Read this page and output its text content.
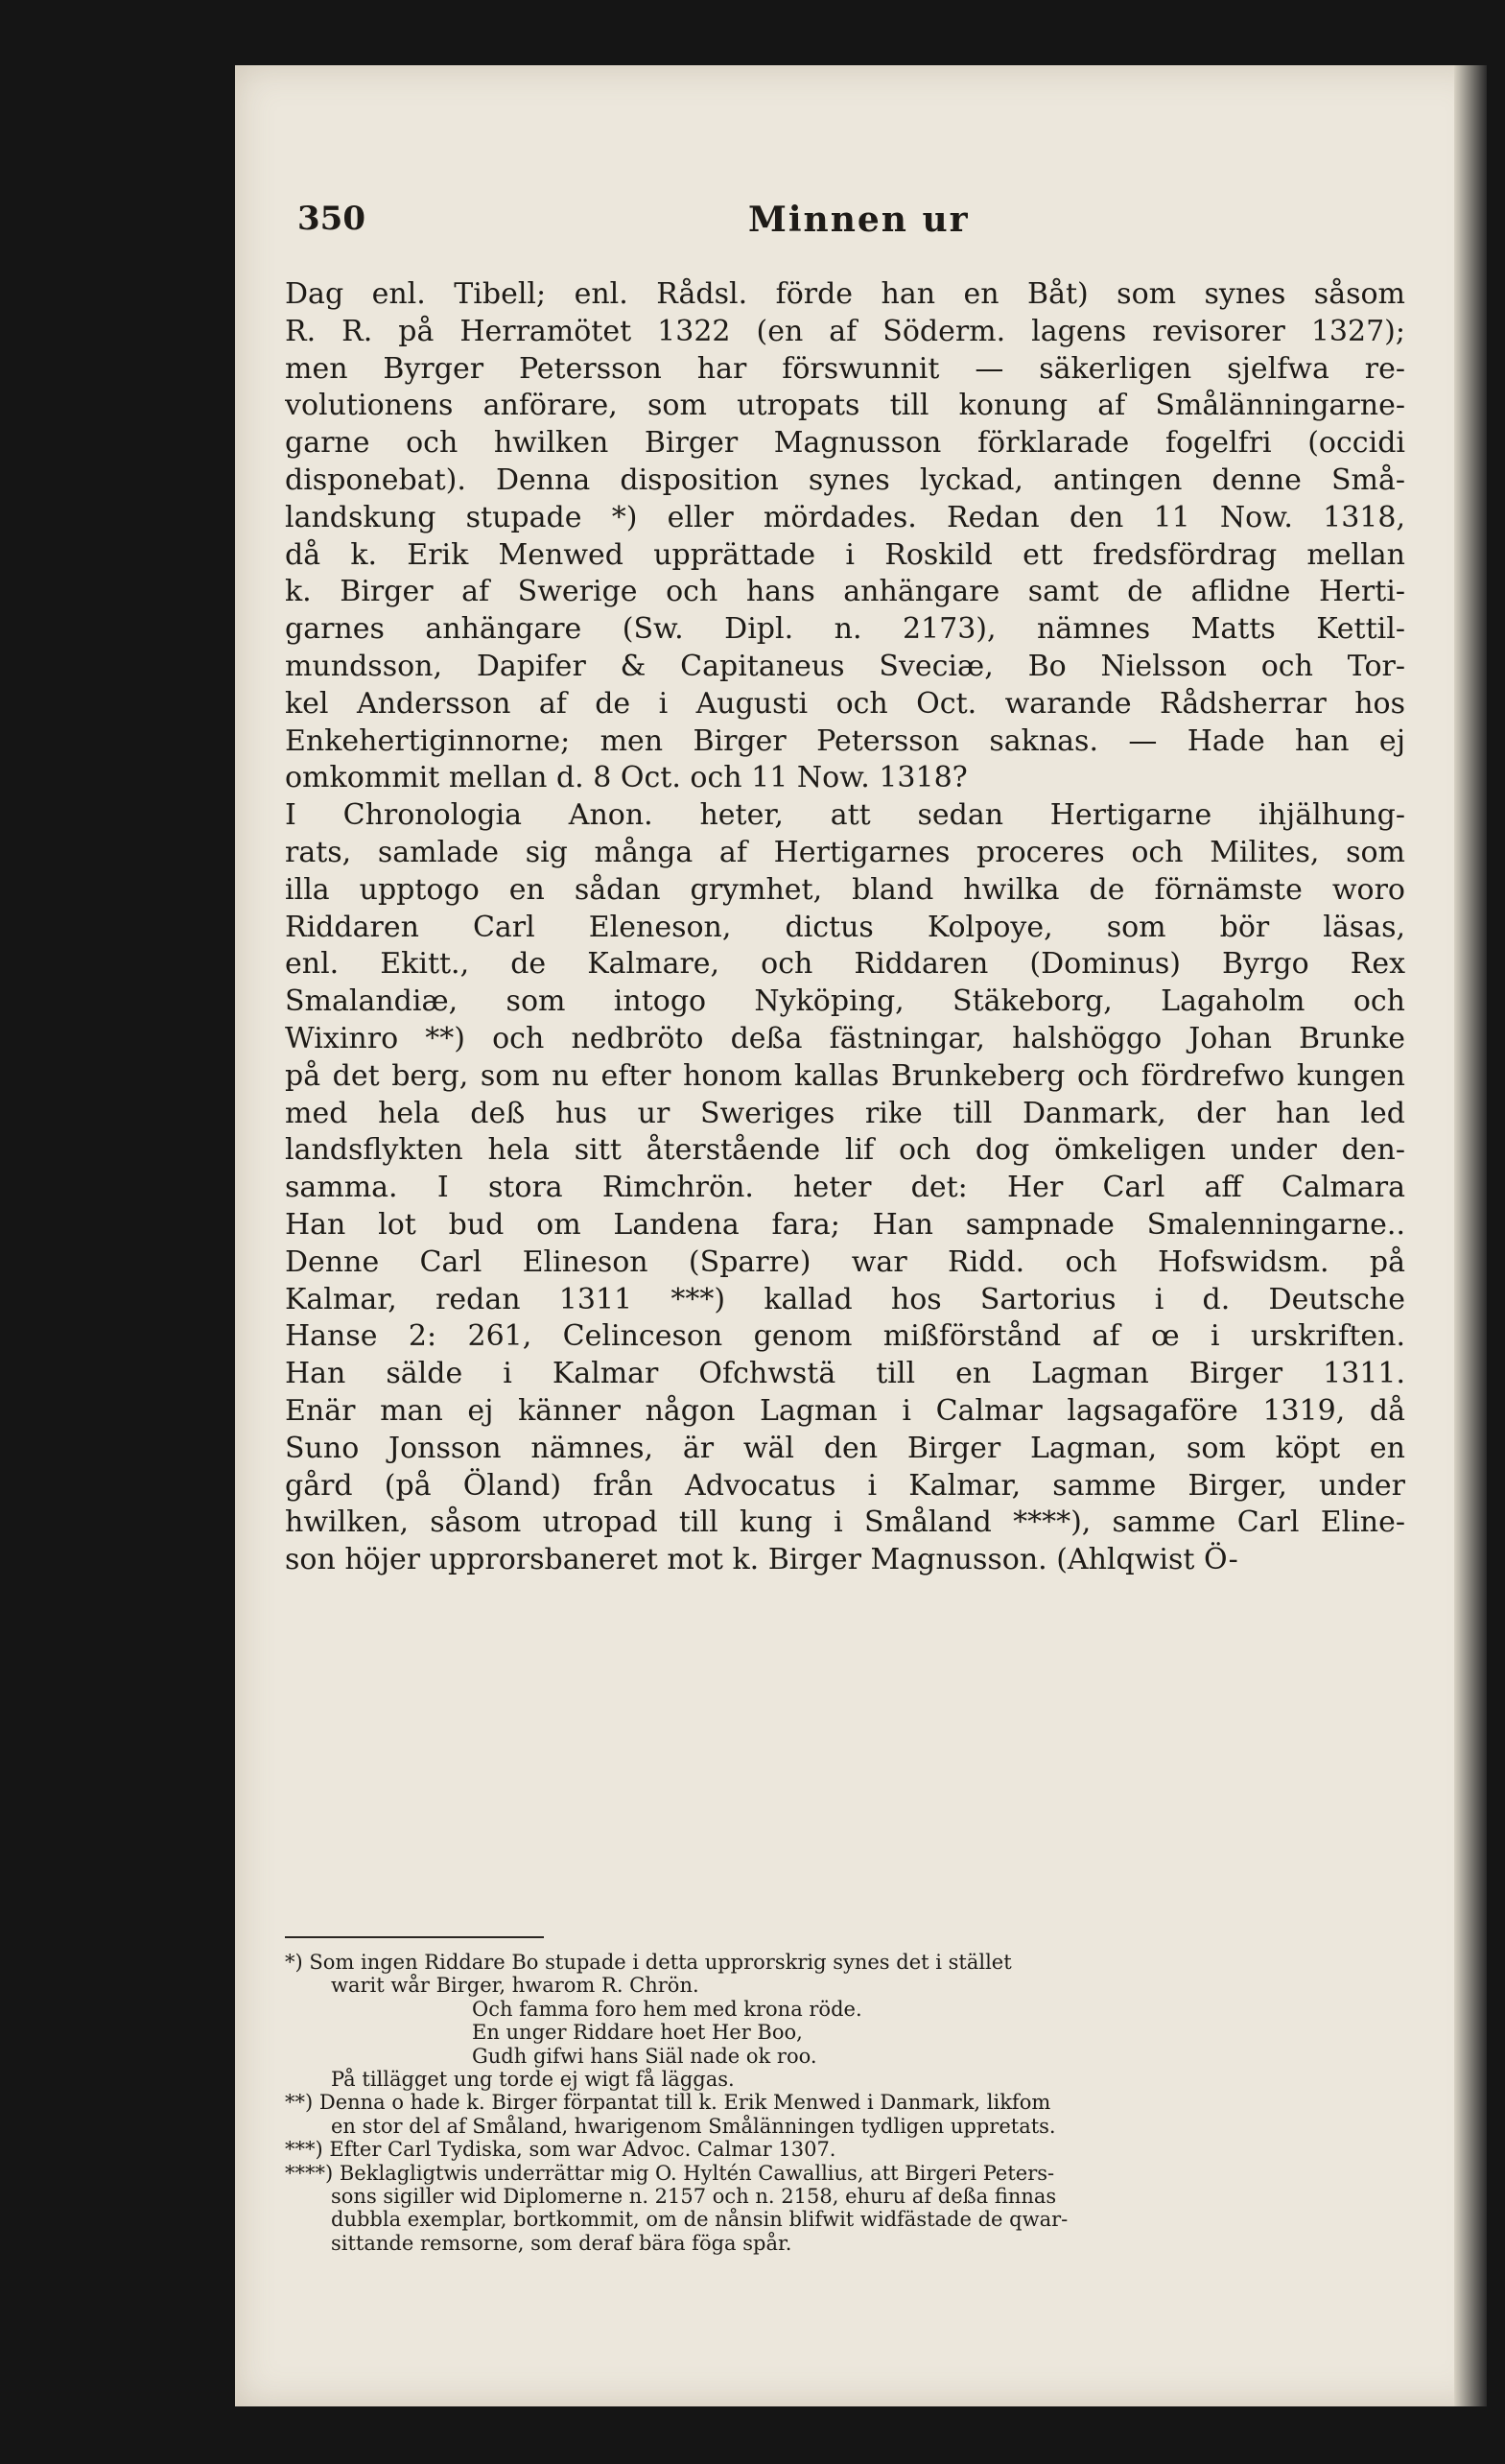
350	Minnen ur
Dag enl. Tibell; enl. Rådsl. förde han en Båt) som synes såsom
R. R. på Herramötet 1322 (en af Söderm. lagens revisorer 1327);
men Byrger Petersson har förswunnit — säkerligen sjelfwa re-
volutionens anförare, som utropats till konung af Smålänningarne-
garne och hwilken Birger Magnusson förklarade fogelfri (occidi
disponebat). Denna disposition synes lyckad, antingen denne Små-
landskung stupade *) eller mördades. Redan den 11 Now. 1318,
då k. Erik Menwed upprättade i Roskild ett fredsfördrag mellan
k. Birger af Swerige och hans anhängare samt de aflidne Herti-
garnes anhängare (Sw. Dipl. n. 2173), nämnes Matts Kettil-
mundsson, Dapifer & Capitaneus Sveciæ, Bo Nielsson och Tor-
kel Andersson af de i Augusti och Oct. warande Rådsherrar hos
Enkehertiginnorne; men Birger Petersson saknas. — Hade han ej
omkommit mellan d. 8 Oct. och 11 Now. 1318?
I Chronologia Anon. heter, att sedan Hertigarne ihjälhung-
rats, samlade sig många af Hertigarnes proceres och Milites, som
illa upptogo en sådan grymhet, bland hwilka de förnämste woro
Riddaren Carl Eleneson, dictus Kolpoye, som bör läsas,
enl. Ekitt., de Kalmare, och Riddaren (Dominus) Byrgo Rex
Smalandiæ, som intogo Nyköping, Stäkeborg, Lagaholm och
Wixinro **) och nedbröto deßa fästningar, halshöggo Johan Brunke
på det berg, som nu efter honom kallas Brunkeberg och fördrefwo kungen
med hela deß hus ur Swerigеs rike till Danmark, der han led
landsflykten hela sitt återstående lif och dog ömkeligen under den-
samma. I stora Rimchrön. heter det: Her Carl aff Calmara
Han lot bud om Landena fara; Han sampnade Smalenningarne..
Denne Carl Elineson (Sparre) war Ridd. och Hofswidsm. på
Kalmar, redan 1311 ***) kallad hos Sartorius i d. Deutsche
Hanse 2: 261, Celinceson genom mißförstånd af œ i urskriften.
Han sälde i Kalmar Ofchwstä till en Lagman Birger 1311.
Enär man ej känner någon Lagman i Calmar lagsagaföre 1319, då
Suno Jonsson nämnes, är wäl den Birger Lagman, som köpt en
gård (på Öland) från Advocatus i Kalmar, samme Birger, under
hwilken, såsom utropad till kung i Småland ****), samme Carl Eline-
son höjer upprorsbaneret mot k. Birger Magnusson. (Ahlqwist Ö-
*) Som ingen Riddare Bo stupade i detta upprorskrig synes det i stället
warit wår Birger, hwarom R. Chrön.
Och famma foro hem med krona röde.
En unger Riddare hoet Her Boo,
Gudh gifwi hans Siäl nade ok roo.
På tillägget ung torde ej wigt få läggas.
**) Denna o hade k. Birger förpantat till k. Erik Menwed i Danmark, likfom
en stor del af Småland, hwarigenom Smålänningen tydligen uppretats.
***) Efter Carl Tydiska, som war Advoc. Calmar 1307.
****) Beklagligtwis underrättar mig O. Hyltén Cawallius, att Birgeri Peters-
sons sigiller wid Diplomerne n. 2157 och n. 2158, ehuru af deßa finnas
dubbla exemplar, bortkommit, om de nånsin blifwit widfästade de qwar-
sittande remsorne, som deraf bära föga spår.
